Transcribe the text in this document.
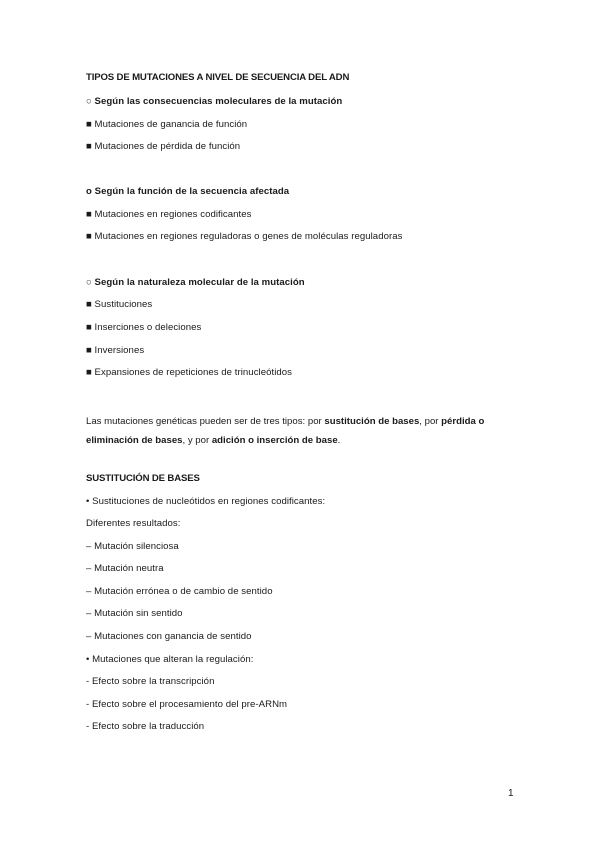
TIPOS DE MUTACIONES A NIVEL DE SECUENCIA DEL ADN
○ Según las consecuencias moleculares de la mutación
■ Mutaciones de ganancia de función
■ Mutaciones de pérdida de función
o Según la función de la secuencia afectada
■ Mutaciones en regiones codificantes
■ Mutaciones en regiones reguladoras o genes de moléculas reguladoras
○ Según la naturaleza molecular de la mutación
■ Sustituciones
■ Inserciones o deleciones
■ Inversiones
■ Expansiones de repeticiones de trinucleótidos
Las mutaciones genéticas pueden ser de tres tipos: por sustitución de bases, por pérdida o eliminación de bases, y por adición o inserción de base.
SUSTITUCIÓN DE BASES
• Sustituciones de nucleótidos en regiones codificantes:
Diferentes resultados:
– Mutación silenciosa
– Mutación neutra
– Mutación errónea o de cambio de sentido
– Mutación sin sentido
– Mutaciones con ganancia de sentido
• Mutaciones que alteran la regulación:
- Efecto sobre la transcripción
- Efecto sobre el procesamiento del pre-ARNm
- Efecto sobre la traducción
1
